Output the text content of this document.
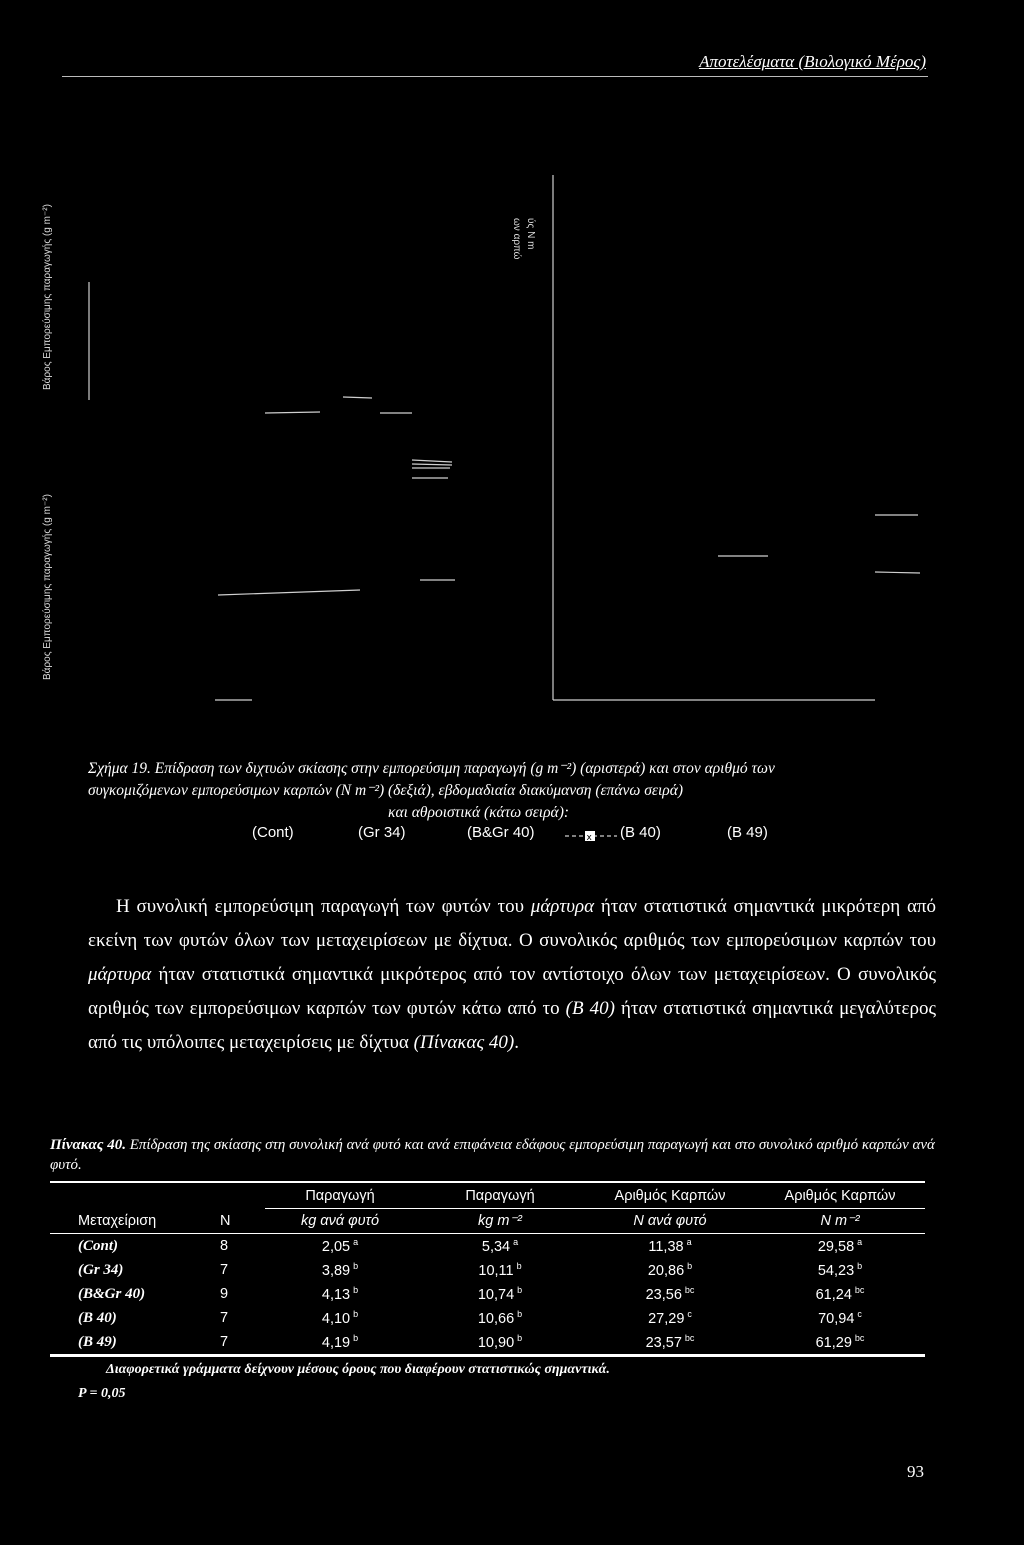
Αποτελέσματα (Βιολογικό Μέρος)
Βάρος Εμπορεύσιμης παραγωγής (g m⁻²)
Βάρος Εμπορεύσιμης παραγωγής (g m⁻²)
ων αρπώ ύς N m
Σχήμα 19. Επίδραση των διχτυών σκίασης στην εμπορεύσιμη παραγωγή (g m⁻²) (αριστερά) και στον αριθμό των
συγκομιζόμενων εμπορεύσιμων καρπών (N m⁻²) (δεξιά), εβδομαδιαία διακύμανση (επάνω σειρά)
και αθροιστικά (κάτω σειρά):
(Cont)	(Gr 34)	(B&Gr 40)	x (B 40)	(B 49)

Η συνολική εμπορεύσιμη παραγωγή των φυτών του μάρτυρα ήταν στατιστικά σημαντικά μικρότερη από εκείνη των φυτών όλων των μεταχειρίσεων με δίχτυα. Ο συνολικός αριθμός των εμπορεύσιμων καρπών του μάρτυρα ήταν στατιστικά σημαντικά μικρότερος από τον αντίστοιχο όλων των μεταχειρίσεων. Ο συνολικός αριθμός των εμπορεύσιμων καρπών των φυτών κάτω από το (Β 40) ήταν στατιστικά σημαντικά μεγαλύτερος από τις υπόλοιπες μεταχειρίσεις με δίχτυα (Πίνακας 40).

Πίνακας 40. Επίδραση της σκίασης στη συνολική ανά φυτό και ανά επιφάνεια εδάφους εμπορεύσιμη παραγωγή και στο συνολικό αριθμό καρπών ανά φυτό.
		Παραγωγή	Παραγωγή	Αριθμός Καρπών	Αριθμός Καρπών
Μεταχείριση	N	kg ανά φυτό	kg m⁻²	N ανά φυτό	N m⁻²
(Cont)	8	2,05 $^a$	5,34 $^a$	11,38 $^a$	29,58 $^a$
(Gr 34)	7	3,89 $^b$	10,11 $^b$	20,86 $^b$	54,23 $^b$
(B&Gr 40)	9	4,13 $^b$	10,74 $^b$	23,56 $^{bc}$	61,24 $^{bc}$
(B 40)	7	4,10 $^b$	10,66 $^b$	27,29 $^c$	70,94 $^c$
(B 49)	7	4,19 $^b$	10,90 $^b$	23,57 $^{bc}$	61,29 $^{bc}$
Διαφορετικά γράμματα δείχνουν μέσους όρους που διαφέρουν στατιστικώς σημαντικά.
P = 0,05
93
